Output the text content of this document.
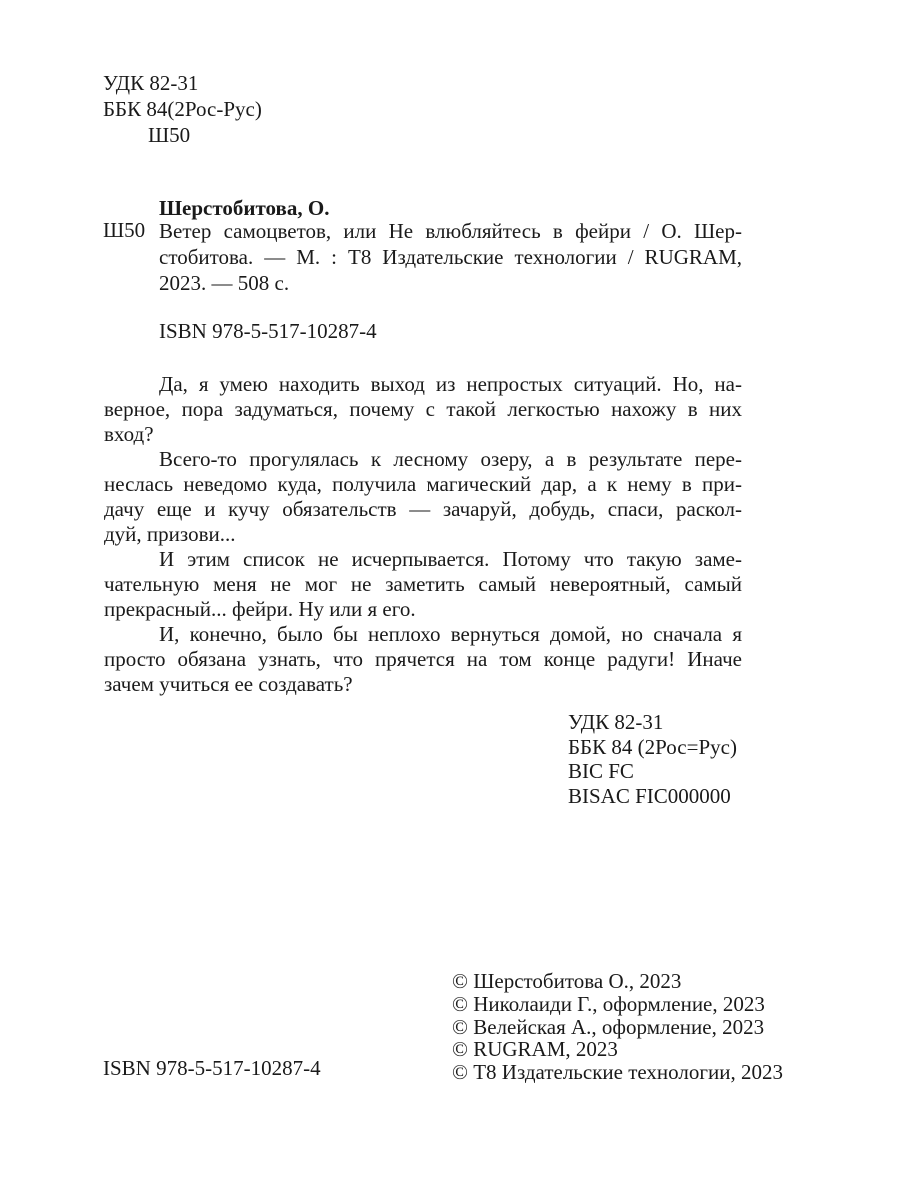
УДК 82-31
ББК 84(2Рос-Рус)
Ш50
Шерстобитова, О.
Ш50 Ветер самоцветов, или Не влюбляйтесь в фейри / О. Шер-
стобитова. — М. : Т8 Издательские технологии / RUGRAM,
2023. — 508 с.
ISBN 978-5-517-10287-4
Да, я умею находить выход из непростых ситуаций. Но, на-
верное, пора задуматься, почему с такой легкостью нахожу в них
вход?
Всего-то прогулялась к лесному озеру, а в результате пере-
неслась неведомо куда, получила магический дар, а к нему в при-
дачу еще и кучу обязательств — зачаруй, добудь, спаси, раскол-
дуй, призови...
И этим список не исчерпывается. Потому что такую заме-
чательную меня не мог не заметить самый невероятный, самый
прекрасный... фейри. Ну или я его.
И, конечно, было бы неплохо вернуться домой, но сначала я
просто обязана узнать, что прячется на том конце радуги! Иначе
зачем учиться ее создавать?
УДК 82-31
ББК 84 (2Рос=Рус)
BIC FC
BISAC FIC000000
ISBN 978-5-517-10287-4
© Шерстобитова О., 2023
© Николаиди Г., оформление, 2023
© Велейская А., оформление, 2023
© RUGRAM, 2023
© Т8 Издательские технологии, 2023
